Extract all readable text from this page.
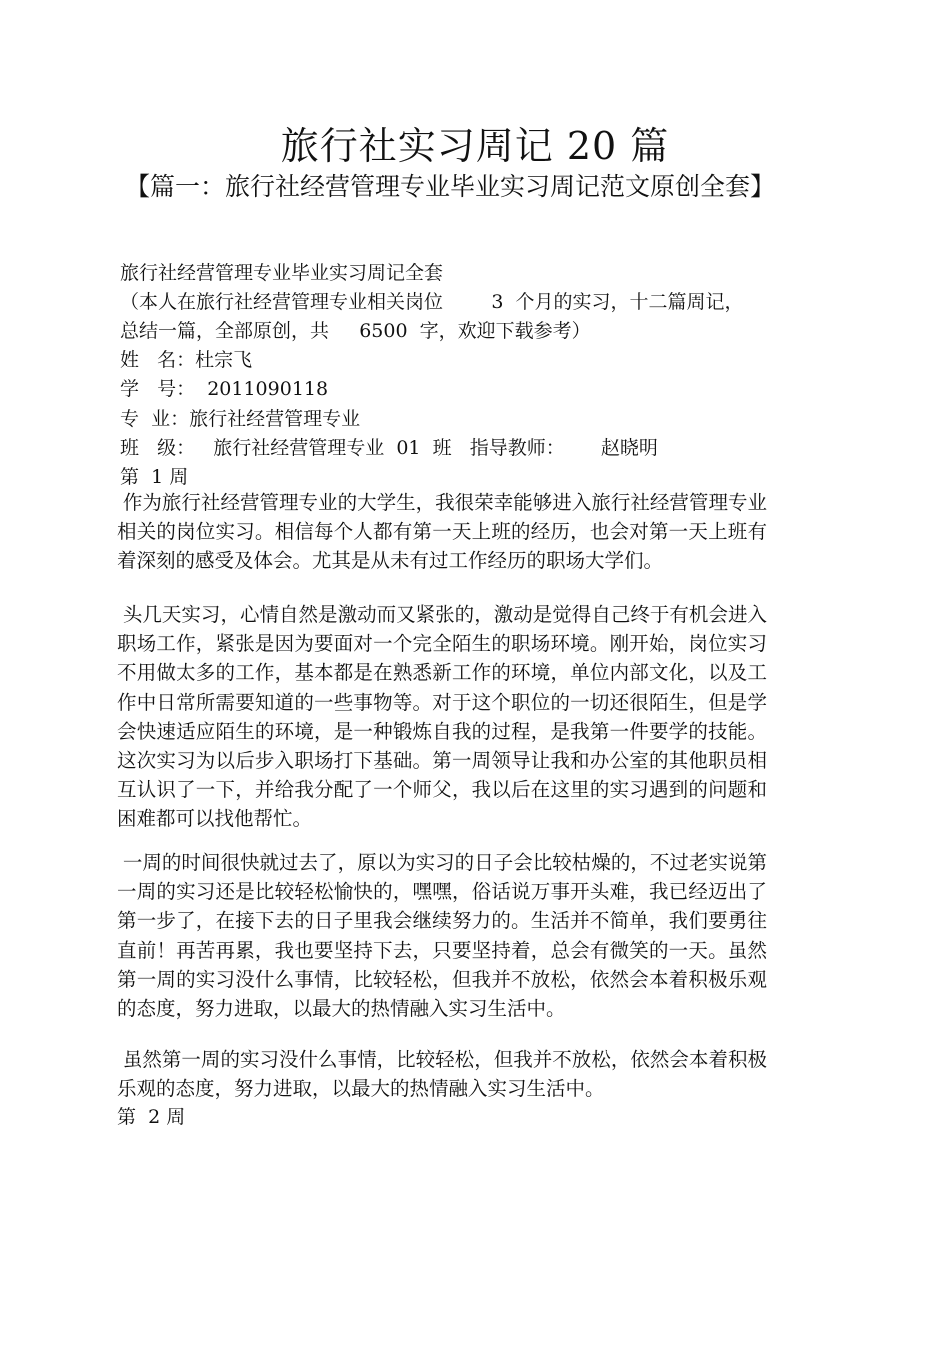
旅行社实习周记 20 篇
【篇一：旅行社经营管理专业毕业实习周记范文原创全套】
旅行社经营管理专业毕业实习周记全套
（本人在旅行社经营管理专业相关岗位        3  个月的实习，十二篇周记，
总结一篇，全部原创，共     6500  字，欢迎下载参考）
姓   名：杜宗飞
学   号：  2011090118
专  业：旅行社经营管理专业
班   级：   旅行社经营管理专业  01  班   指导教师：      赵晓明
第  1 周
作为旅行社经营管理专业的大学生，我很荣幸能够进入旅行社经营管理专业相关的岗位实习。相信每个人都有第一天上班的经历，也会对第一天上班有着深刻的感受及体会。尤其是从未有过工作经历的职场大学们。
头几天实习，心情自然是激动而又紧张的，激动是觉得自己终于有机会进入职场工作，紧张是因为要面对一个完全陌生的职场环境。刚开始，岗位实习不用做太多的工作，基本都是在熟悉新工作的环境，单位内部文化，以及工作中日常所需要知道的一些事物等。对于这个职位的一切还很陌生，但是学会快速适应陌生的环境，是一种锻炼自我的过程，是我第一件要学的技能。这次实习为以后步入职场打下基础。第一周领导让我和办公室的其他职员相互认识了一下，并给我分配了一个师父，我以后在这里的实习遇到的问题和困难都可以找他帮忙。
一周的时间很快就过去了，原以为实习的日子会比较枯燥的，不过老实说第一周的实习还是比较轻松愉快的，嘿嘿，俗话说万事开头难，我已经迈出了第一步了，在接下去的日子里我会继续努力的。生活并不简单，我们要勇往直前！再苦再累，我也要坚持下去，只要坚持着，总会有微笑的一天。虽然第一周的实习没什么事情，比较轻松，但我并不放松，依然会本着积极乐观的态度，努力进取，以最大的热情融入实习生活中。
虽然第一周的实习没什么事情，比较轻松，但我并不放松，依然会本着积极乐观的态度，努力进取，以最大的热情融入实习生活中。
第  2 周
